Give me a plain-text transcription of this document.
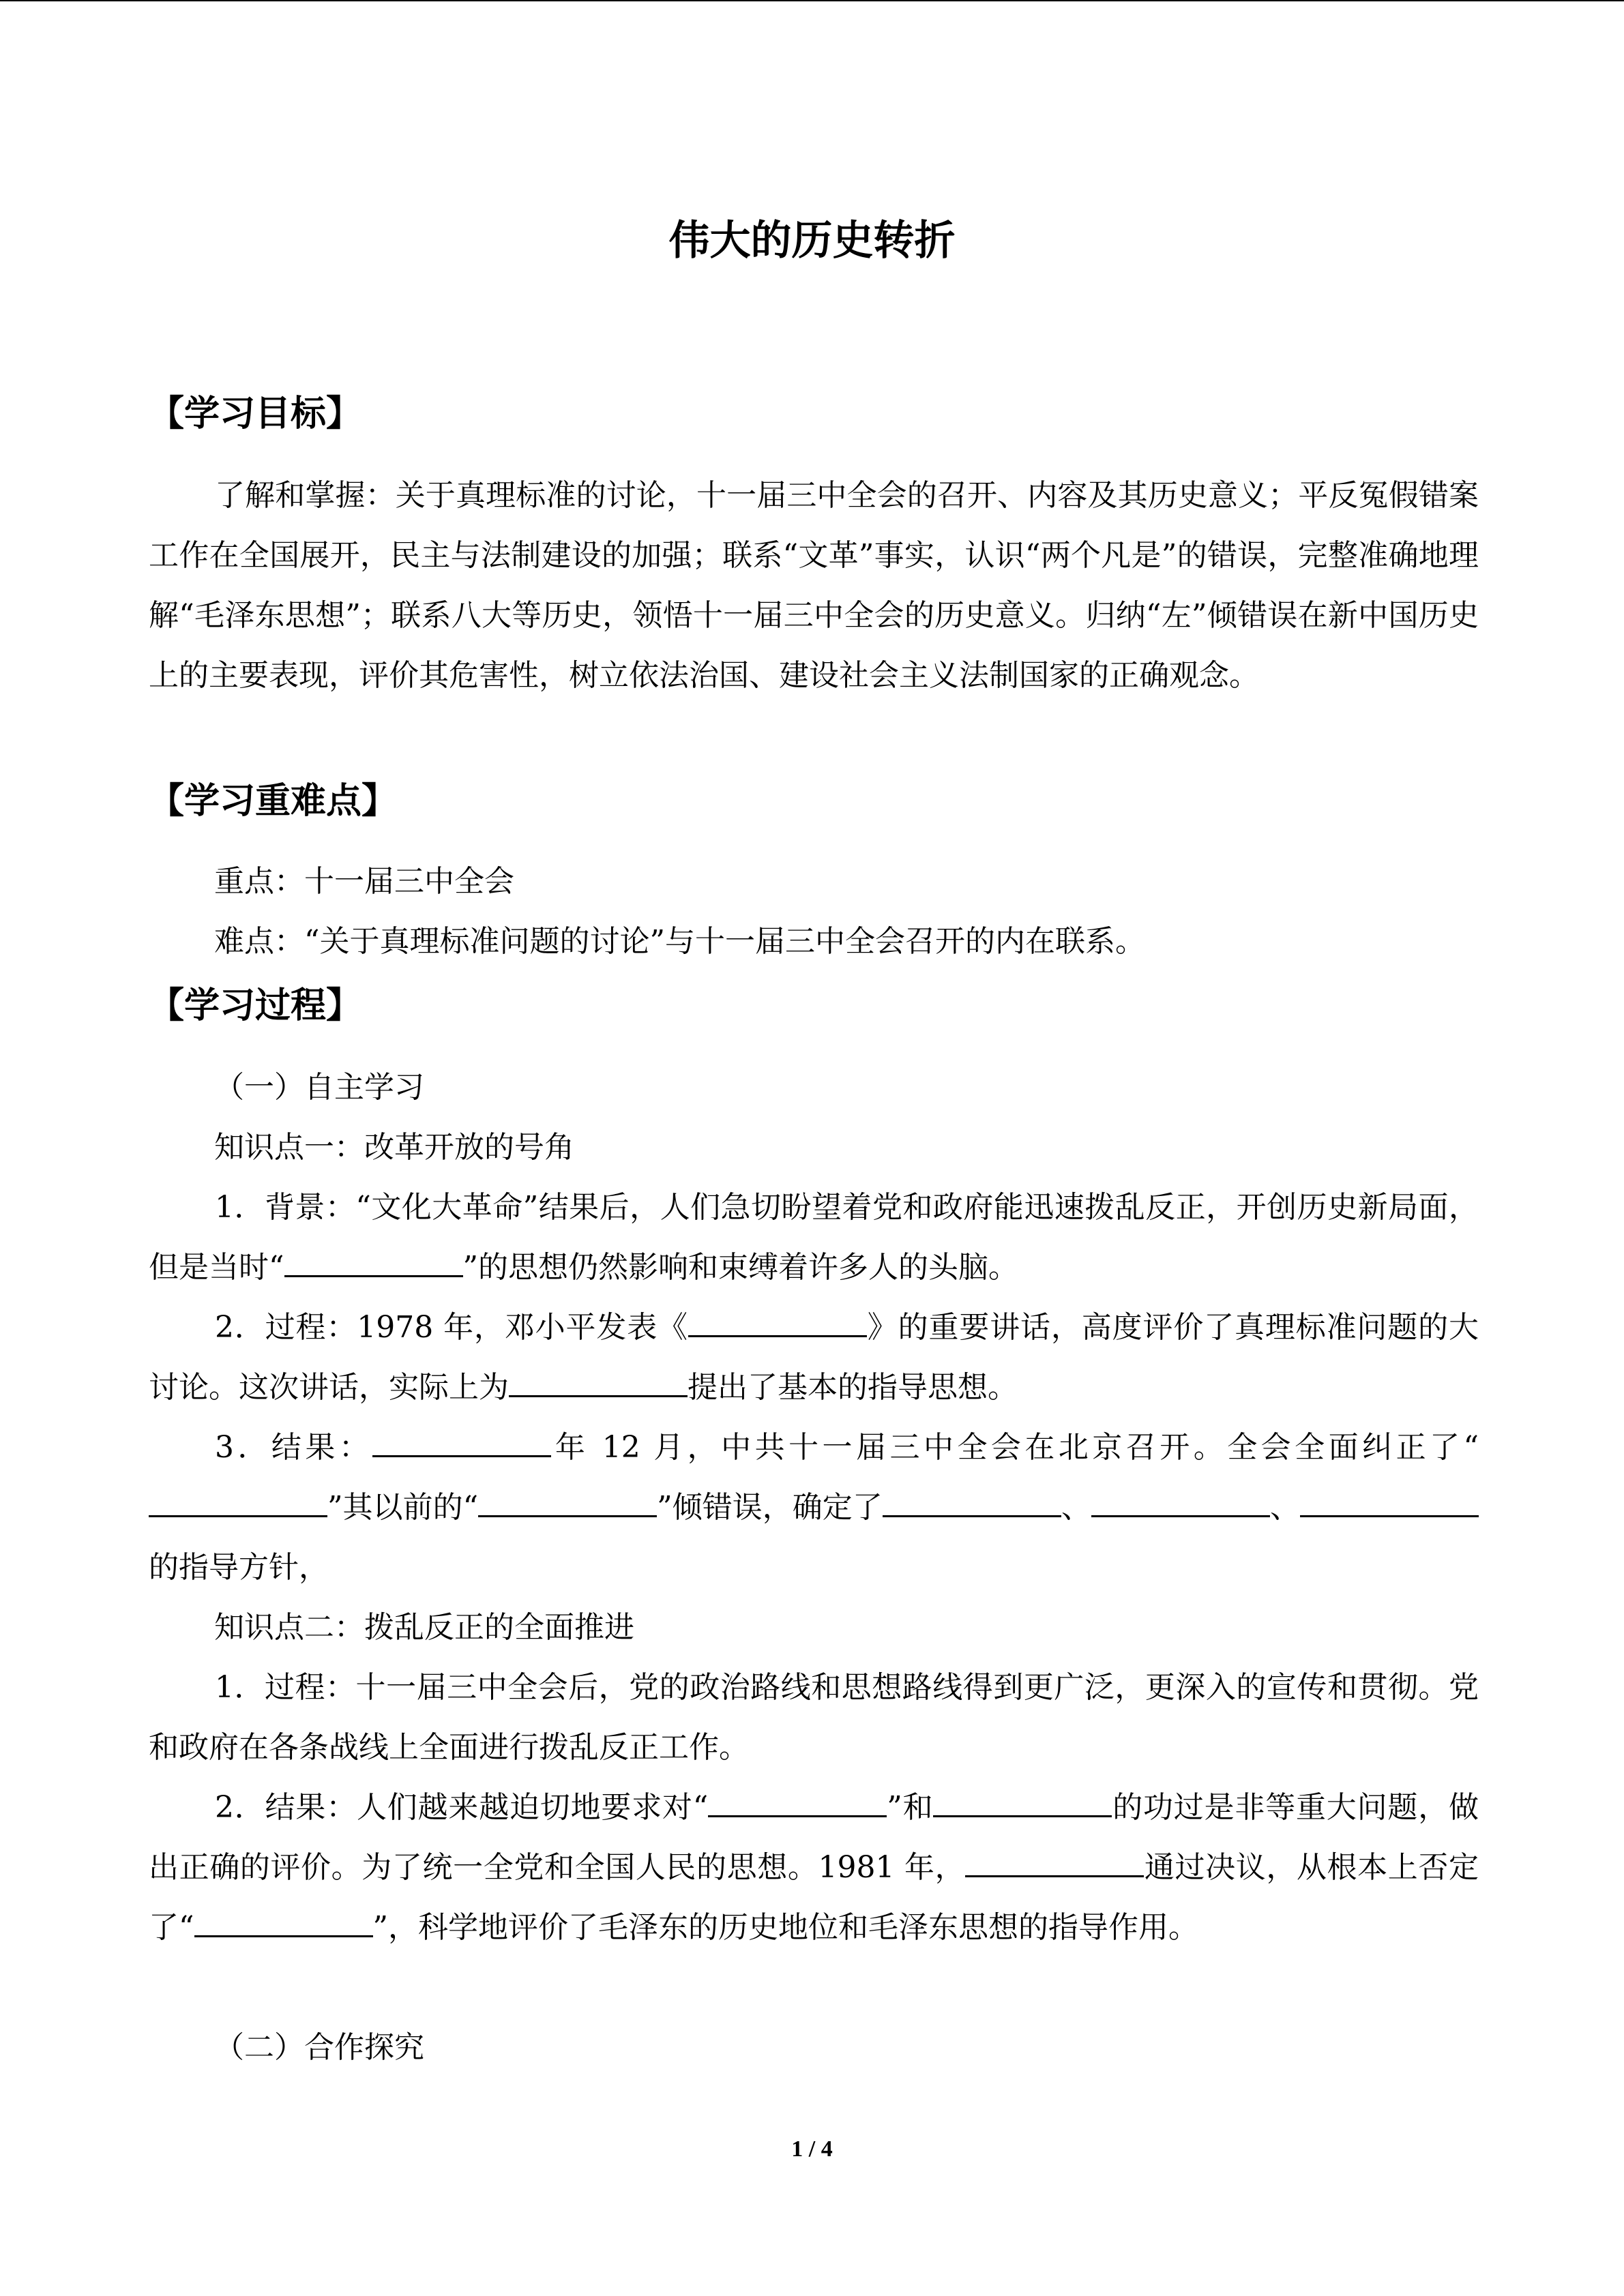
伟大的历史转折
【学习目标】

了解和掌握：关于真理标准的讨论，十一届三中全会的召开、内容及其历史意义；平反冤假错案工作在全国展开，民主与法制建设的加强；联系“文革”事实，认识“两个凡是”的错误，完整准确地理解“毛泽东思想”；联系八大等历史，领悟十一届三中全会的历史意义。归纳“左”倾错误在新中国历史上的主要表现，评价其危害性，树立依法治国、建设社会主义法制国家的正确观念。

【学习重难点】

重点：十一届三中全会

难点：“关于真理标准问题的讨论”与十一届三中全会召开的内在联系。

【学习过程】

（一）自主学习

知识点一：改革开放的号角

1．背景：“文化大革命”结果后，人们急切盼望着党和政府能迅速拨乱反正，开创历史新局面，但是当时“	”的思想仍然影响和束缚着许多人的头脑。

2．过程：1978 年，邓小平发表《	》的重要讲话，高度评价了真理标准问题的大讨论。这次讲话，实际上为	提出了基本的指导思想。

3．结果：	年 12 月，中共十一届三中全会在北京召开。全会全面纠正了“”其以前的“	”倾错误，确定了	、	、的指导方针，

知识点二：拨乱反正的全面推进

1．过程：十一届三中全会后，党的政治路线和思想路线得到更广泛，更深入的宣传和贯彻。党和政府在各条战线上全面进行拨乱反正工作。

2．结果：人们越来越迫切地要求对“	”和	的功过是非等重大问题，做出正确的评价。为了统一全党和全国人民的思想。1981 年，	通过决议，从根本上否定了“	”，科学地评价了毛泽东的历史地位和毛泽东思想的指导作用。

（二）合作探究

1 / 4
